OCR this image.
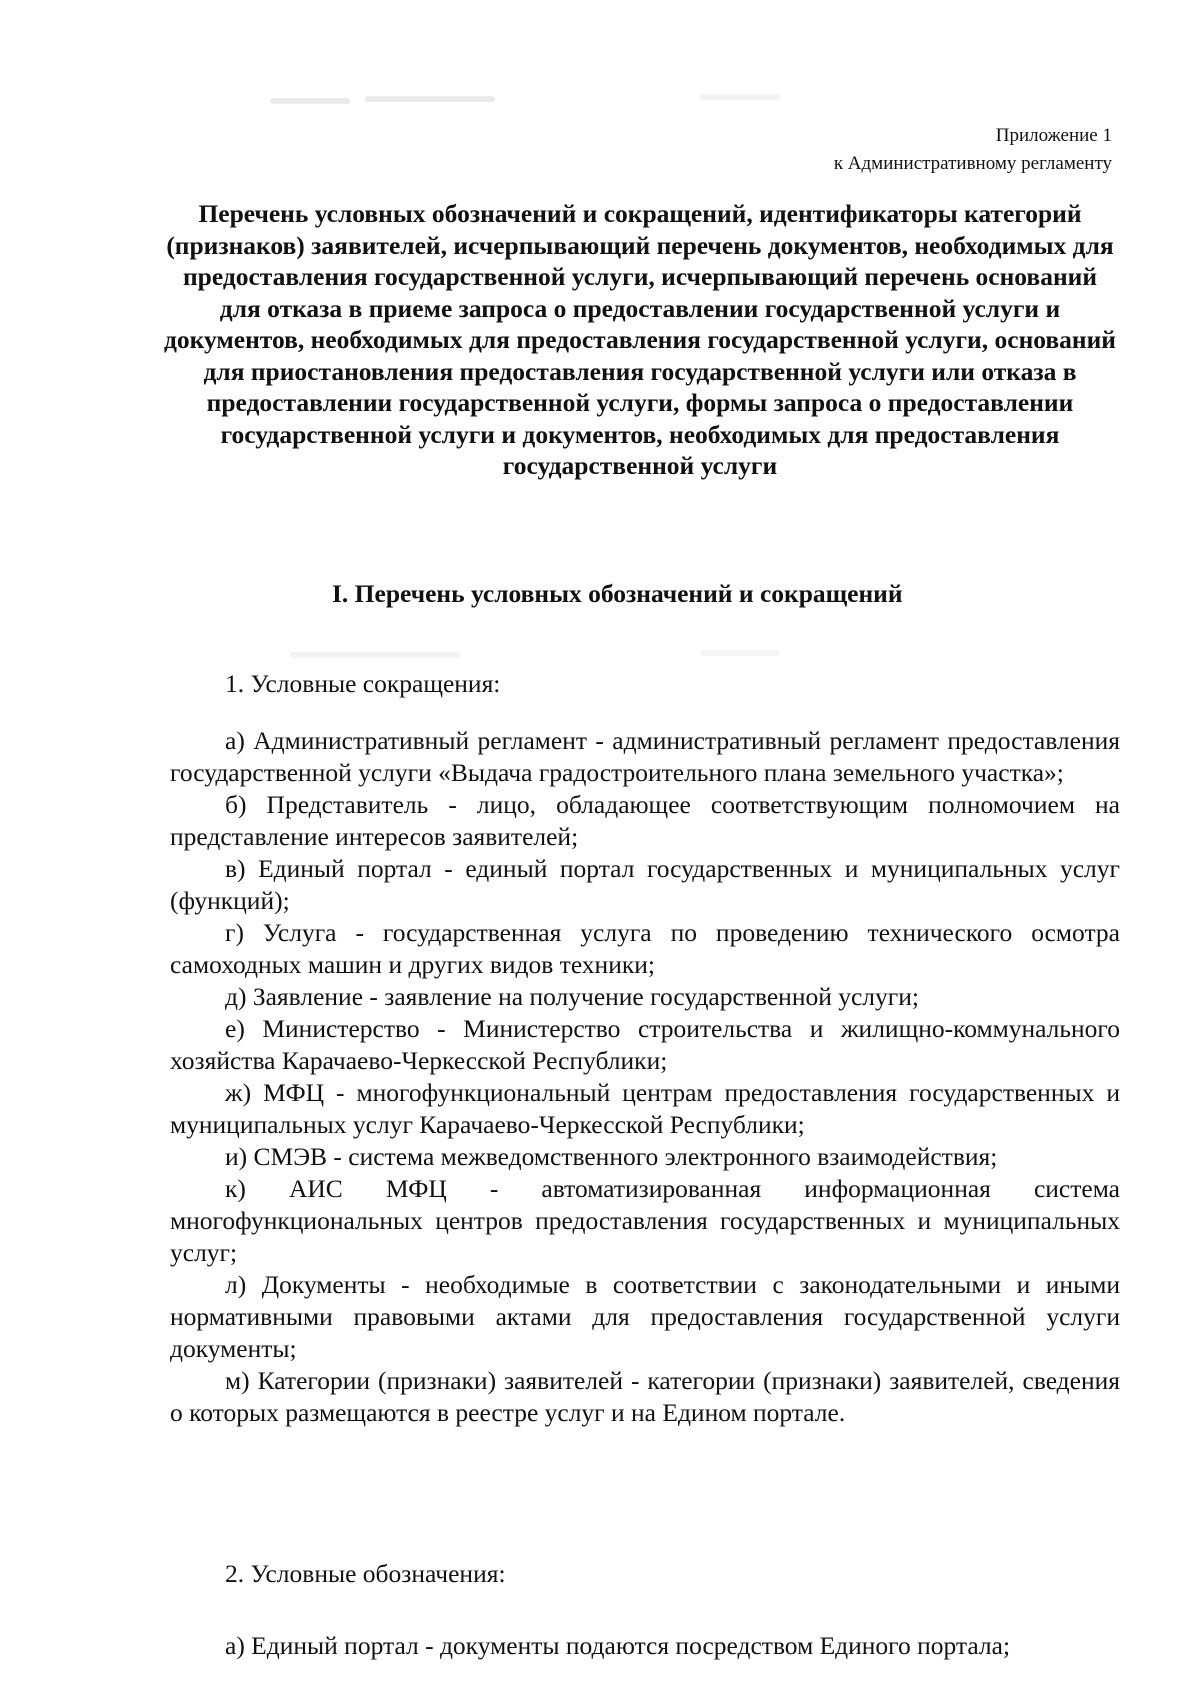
Приложение 1
к Административному регламенту
Перечень условных обозначений и сокращений, идентификаторы категорий (признаков) заявителей, исчерпывающий перечень документов, необходимых для предоставления государственной услуги, исчерпывающий перечень оснований для отказа в приеме запроса о предоставлении государственной услуги и документов, необходимых для предоставления государственной услуги, оснований для приостановления предоставления государственной услуги или отказа в предоставлении государственной услуги, формы запроса о предоставлении государственной услуги и документов, необходимых для предоставления государственной услуги
I. Перечень условных обозначений и сокращений
1. Условные сокращения:

а) Административный регламент - административный регламент предоставления государственной услуги «Выдача градостроительного плана земельного участка»;

б) Представитель - лицо, обладающее соответствующим полномочием на представление интересов заявителей;

в) Единый портал - единый портал государственных и муниципальных услуг (функций);

г) Услуга - государственная услуга по проведению технического осмотра самоходных машин и других видов техники;

д) Заявление - заявление на получение государственной услуги;

е) Министерство - Министерство строительства и жилищно-коммунального хозяйства Карачаево-Черкесской Республики;

ж) МФЦ - многофункциональный центрам предоставления государственных и муниципальных услуг Карачаево-Черкесской Республики;

и) СМЭВ - система межведомственного электронного взаимодействия;

к) АИС МФЦ - автоматизированная информационная система многофункциональных центров предоставления государственных и муниципальных услуг;

л) Документы - необходимые в соответствии с законодательными и иными нормативными правовыми актами для предоставления государственной услуги документы;

м) Категории (признаки) заявителей - категории (признаки) заявителей, сведения о которых размещаются в реестре услуг и на Едином портале.

2. Условные обозначения:
а) Единый портал - документы подаются посредством Единого портала;
